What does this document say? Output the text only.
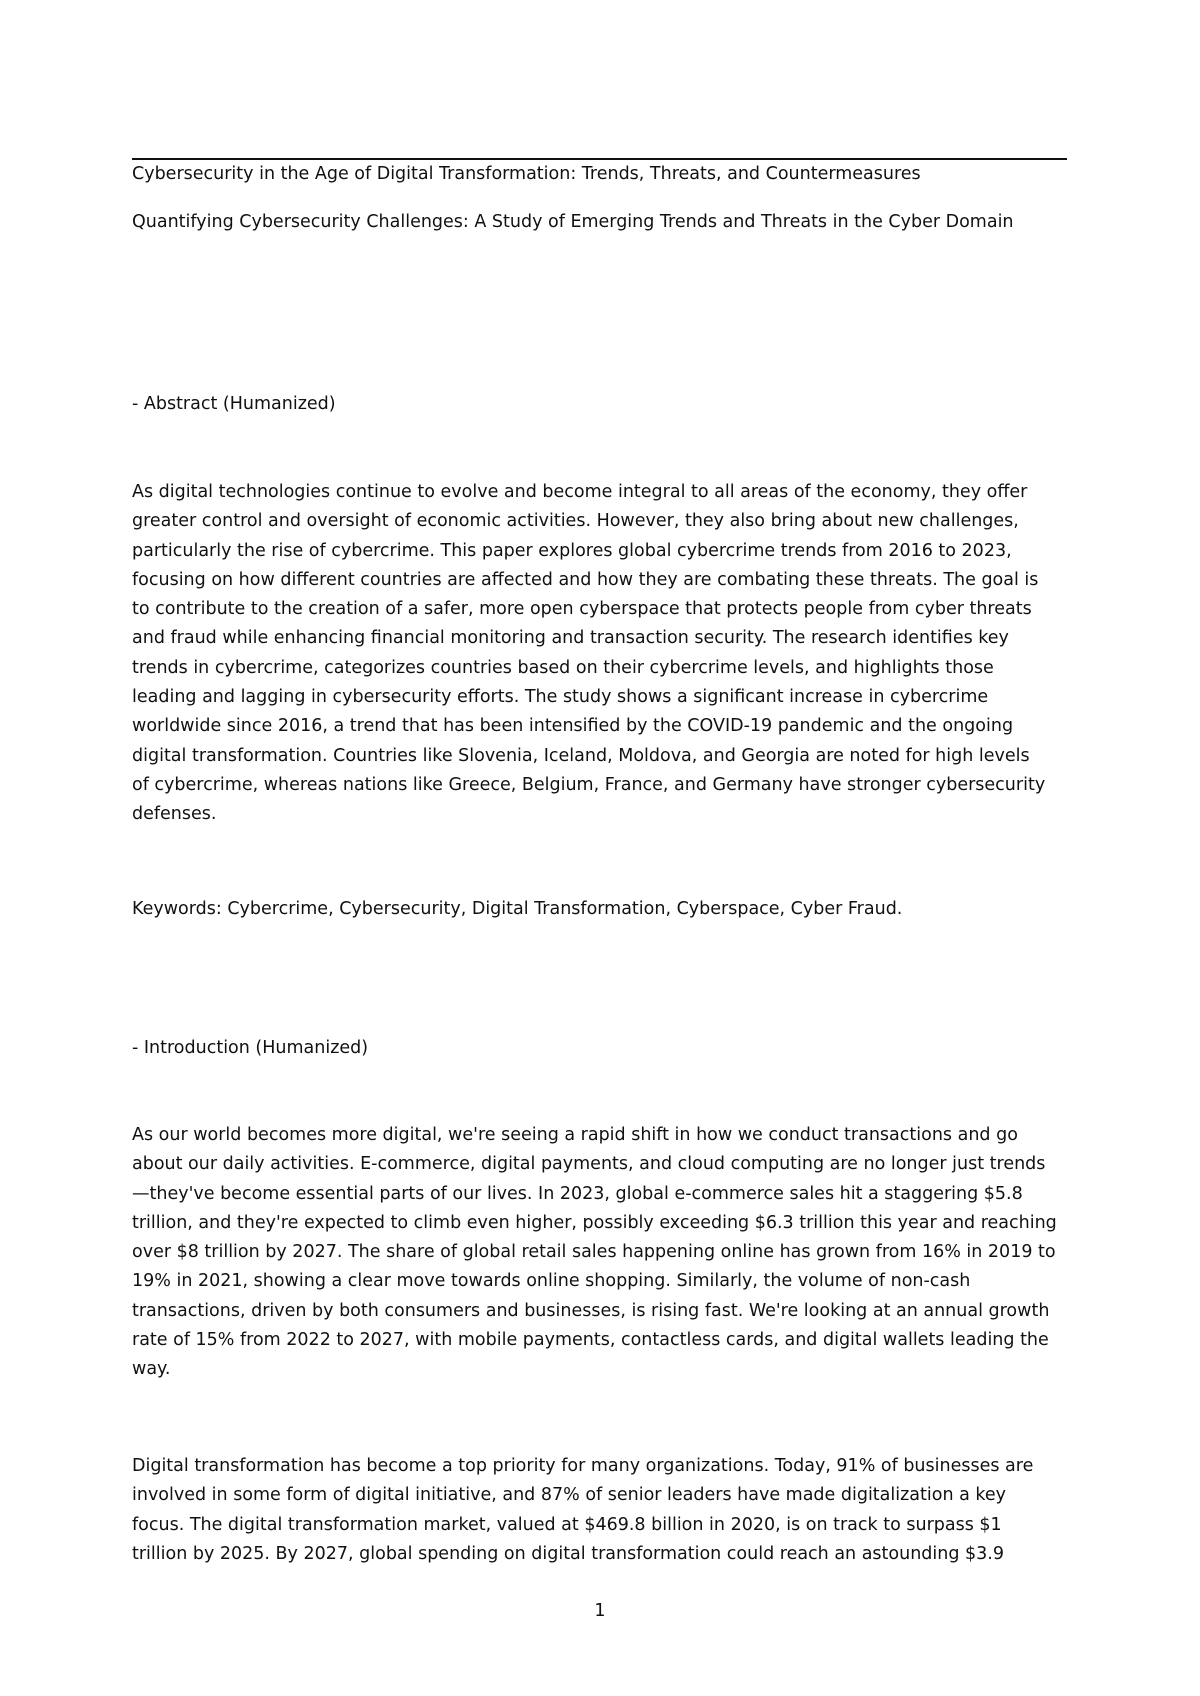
Cybersecurity in the Age of Digital Transformation: Trends, Threats, and Countermeasures
Quantifying Cybersecurity Challenges: A Study of Emerging Trends and Threats in the Cyber Domain
- Abstract (Humanized)

As digital technologies continue to evolve and become integral to all areas of the economy, they offer
greater control and oversight of economic activities. However, they also bring about new challenges,
particularly the rise of cybercrime. This paper explores global cybercrime trends from 2016 to 2023,
focusing on how different countries are affected and how they are combating these threats. The goal is
to contribute to the creation of a safer, more open cyberspace that protects people from cyber threats
and fraud while enhancing financial monitoring and transaction security. The research identifies key
trends in cybercrime, categorizes countries based on their cybercrime levels, and highlights those
leading and lagging in cybersecurity efforts. The study shows a significant increase in cybercrime
worldwide since 2016, a trend that has been intensified by the COVID-19 pandemic and the ongoing
digital transformation. Countries like Slovenia, Iceland, Moldova, and Georgia are noted for high levels
of cybercrime, whereas nations like Greece, Belgium, France, and Germany have stronger cybersecurity
defenses.

Keywords: Cybercrime, Cybersecurity, Digital Transformation, Cyberspace, Cyber Fraud.
- Introduction (Humanized)

As our world becomes more digital, we're seeing a rapid shift in how we conduct transactions and go
about our daily activities. E-commerce, digital payments, and cloud computing are no longer just trends
—they've become essential parts of our lives. In 2023, global e-commerce sales hit a staggering $5.8
trillion, and they're expected to climb even higher, possibly exceeding $6.3 trillion this year and reaching
over $8 trillion by 2027. The share of global retail sales happening online has grown from 16% in 2019 to
19% in 2021, showing a clear move towards online shopping. Similarly, the volume of non-cash
transactions, driven by both consumers and businesses, is rising fast. We're looking at an annual growth
rate of 15% from 2022 to 2027, with mobile payments, contactless cards, and digital wallets leading the
way.

Digital transformation has become a top priority for many organizations. Today, 91% of businesses are
involved in some form of digital initiative, and 87% of senior leaders have made digitalization a key
focus. The digital transformation market, valued at $469.8 billion in 2020, is on track to surpass $1
trillion by 2025. By 2027, global spending on digital transformation could reach an astounding $3.9

1
